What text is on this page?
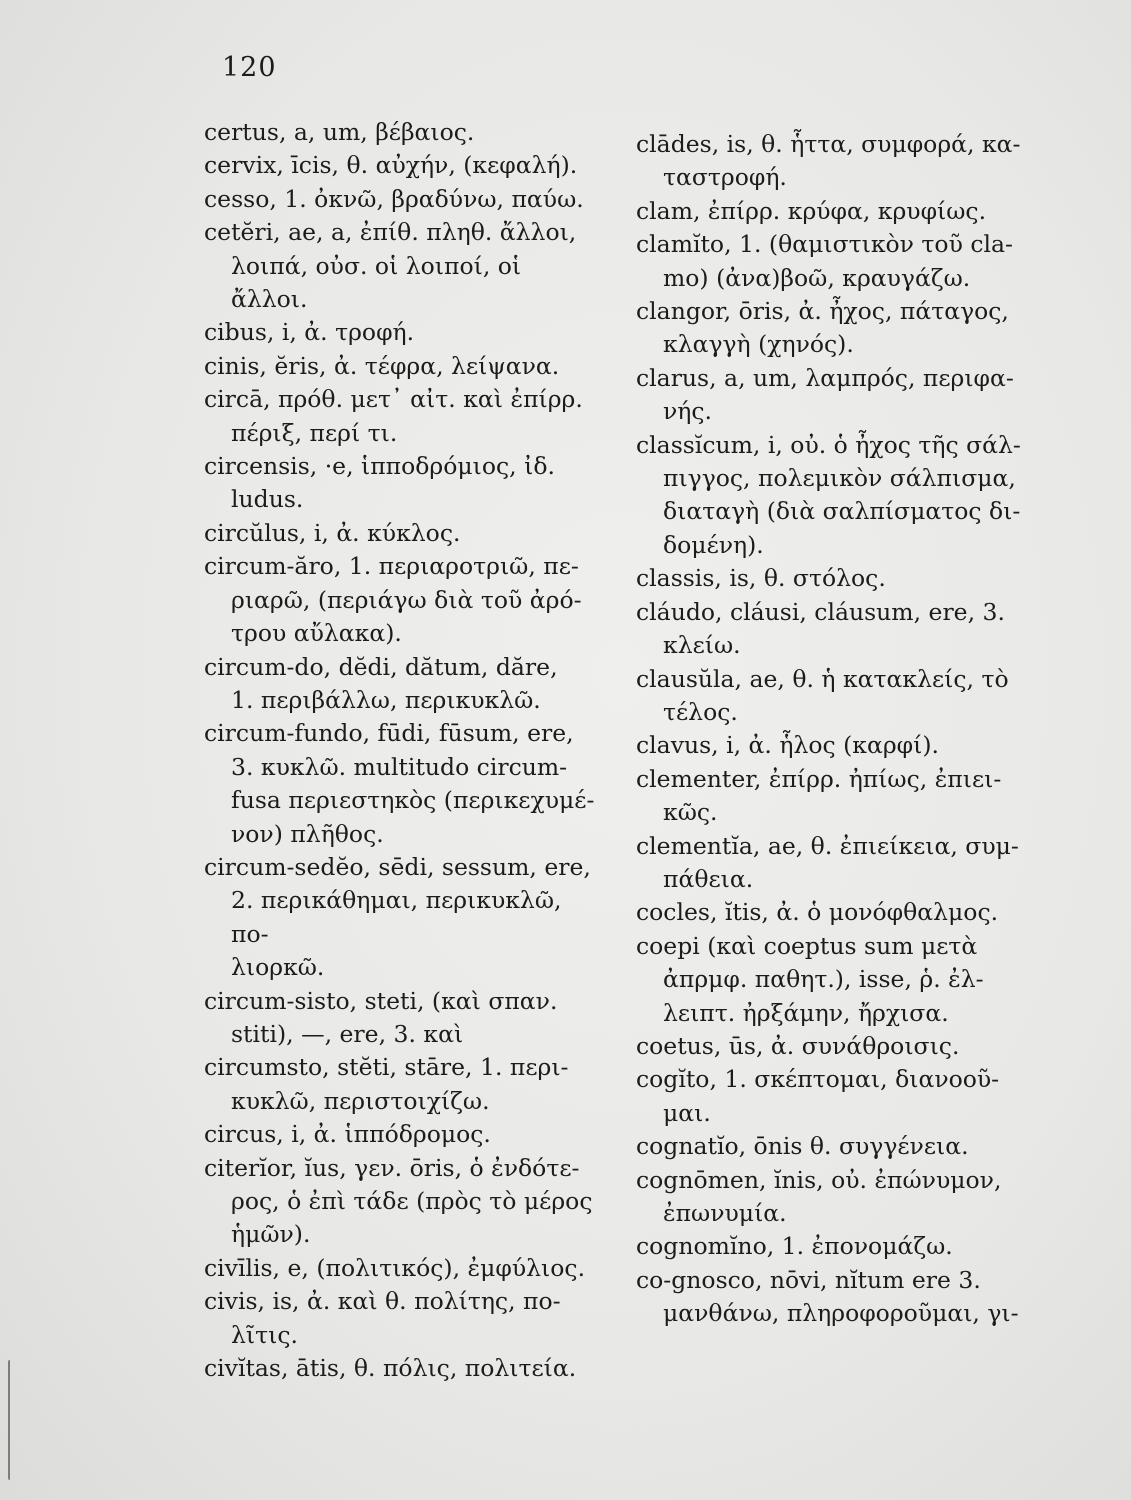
120
certus, a, um, βέβαιος.
cervix, īcis, θ. αὐχήν, (κεφαλή).
cesso, 1. ὀκνῶ, βραδύνω, παύω.
cetĕri, ae, a, ἐπίθ. πληθ. ἄλλοι,
λοιπά, οὐσ. οἱ λοιποί, οἱ ἄλλοι.
cibus, i, ἀ. τροφή.
cinis, ĕris, ἀ. τέφρα, λείψανα.
circā, πρόθ. μετ᾽ αἰτ. καὶ ἐπίρρ.
πέριξ, περί τι.
circensis, ·e, ἱπποδρόμιος, ἰδ.
ludus.
circŭlus, i, ἀ. κύκλος.
circum-ăro, 1. περιαροτριῶ, πε-
ριαρῶ, (περιάγω διὰ τοῦ ἀρό-
τρου αὔλακα).
circum-do, dĕdi, dătum, dăre,
1. περιβάλλω, περικυκλῶ.
circum-fundo, fūdi, fūsum, ere,
3. κυκλῶ. multitudo circum-
fusa περιεστηκὸς (περικεχυμέ-
νον) πλῆθος.
circum-sedĕo, sēdi, sessum, ere,
2. περικάθημαι, περικυκλῶ, πο-
λιορκῶ.
circum-sisto, steti, (καὶ σπαν.
stiti), —, ere, 3. καὶ
circumsto, stĕti, stāre, 1. περι-
κυκλῶ, περιστοιχίζω.
circus, i, ἀ. ἱππόδρομος.
citerĭor, ĭus, γεν. ōris, ὁ ἐνδότε-
ρος, ὁ ἐπὶ τάδε (πρὸς τὸ μέρος
ἡμῶν).
civīlis, e, (πολιτικός), ἐμφύλιος.
civis, is, ἀ. καὶ θ. πολίτης, πο-
λῖτις.
civĭtas, ātis, θ. πόλις, πολιτεία.
clādes, is, θ. ἧττα, συμφορά, κα-
ταστροφή.
clam, ἐπίρρ. κρύφα, κρυφίως.
clamĭto, 1. (θαμιστικὸν τοῦ cla-
mo) (ἀνα)βοῶ, κραυγάζω.
clangor, ōris, ἀ. ἦχος, πάταγος,
κλαγγὴ (χηνός).
clarus, a, um, λαμπρός, περιφα-
νής.
classĭcum, i, οὐ. ὁ ἦχος τῆς σάλ-
πιγγος, πολεμικὸν σάλπισμα,
διαταγὴ (διὰ σαλπίσματος δι-
δομένη).
classis, is, θ. στόλος.
cláudo, cláusi, cláusum, ere, 3.
κλείω.
clausŭla, ae, θ. ἡ κατακλείς, τὸ
τέλος.
clavus, i, ἀ. ἧλος (καρφί).
clementer, ἐπίρρ. ἠπίως, ἐπιει-
κῶς.
clementĭa, ae, θ. ἐπιείκεια, συμ-
πάθεια.
cocles, ĭtis, ἀ. ὁ μονόφθαλμος.
coepi (καὶ coeptus sum μετὰ
ἀπρμφ. παθητ.), isse, ῥ. ἐλ-
λειπτ. ἠρξάμην, ἤρχισα.
coetus, ūs, ἀ. συνάθροισις.
cogĭto, 1. σκέπτομαι, διανοοῦ-
μαι.
cognatĭo, ōnis θ. συγγένεια.
cognōmen, ĭnis, οὐ. ἐπώνυμον,
ἐπωνυμία.
cognomĭno, 1. ἐπονομάζω.
co-gnosco, nōvi, nĭtum ere 3.
μανθάνω, πληροφοροῦμαι, γι-
